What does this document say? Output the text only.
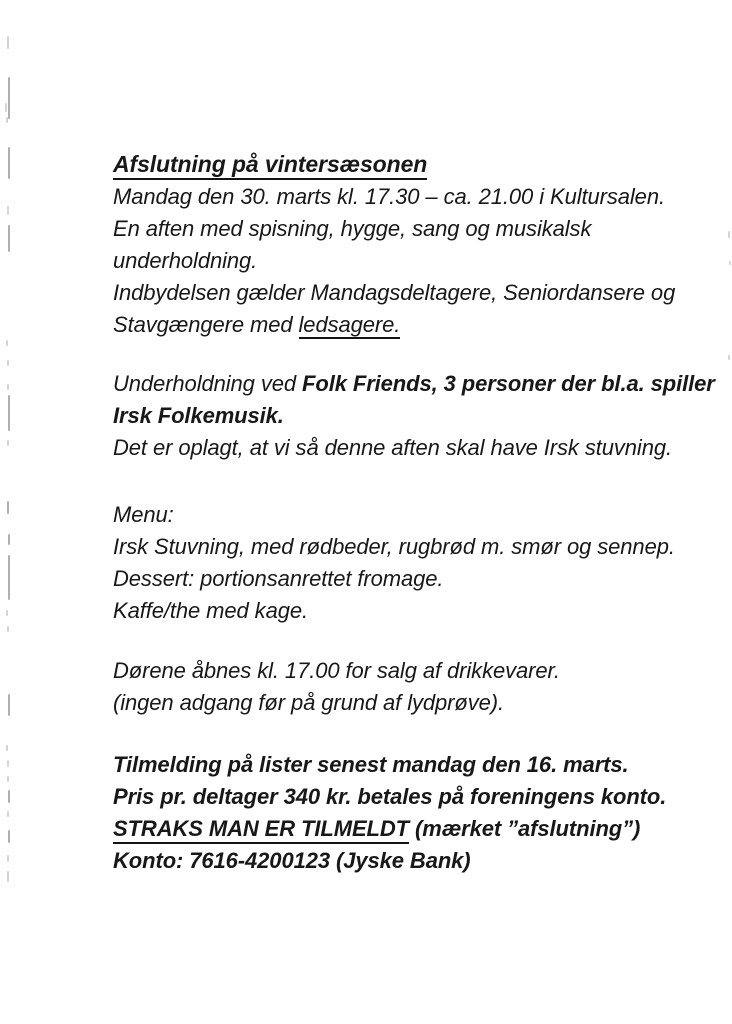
Afslutning på vintersæsonen
Mandag den 30. marts kl. 17.30 – ca. 21.00 i Kultursalen.
En aften med spisning, hygge, sang og musikalsk
underholdning.
Indbydelsen gælder Mandagsdeltagere, Seniordansere og
Stavgængere med ledsagere.
Underholdning ved Folk Friends, 3 personer der bl.a. spiller
Irsk Folkemusik.
Det er oplagt, at vi så denne aften skal have Irsk stuvning.
Menu:
Irsk Stuvning, med rødbeder, rugbrød m. smør og sennep.
Dessert: portionsanrettet fromage.
Kaffe/the med kage.
Dørene åbnes kl. 17.00 for salg af drikkevarer.
(ingen adgang før på grund af lydprøve).
Tilmelding på lister senest mandag den 16. marts.
Pris pr. deltager 340 kr. betales på foreningens konto.
STRAKS MAN ER TILMELDT (mærket ”afslutning”)
Konto: 7616-4200123 (Jyske Bank)
